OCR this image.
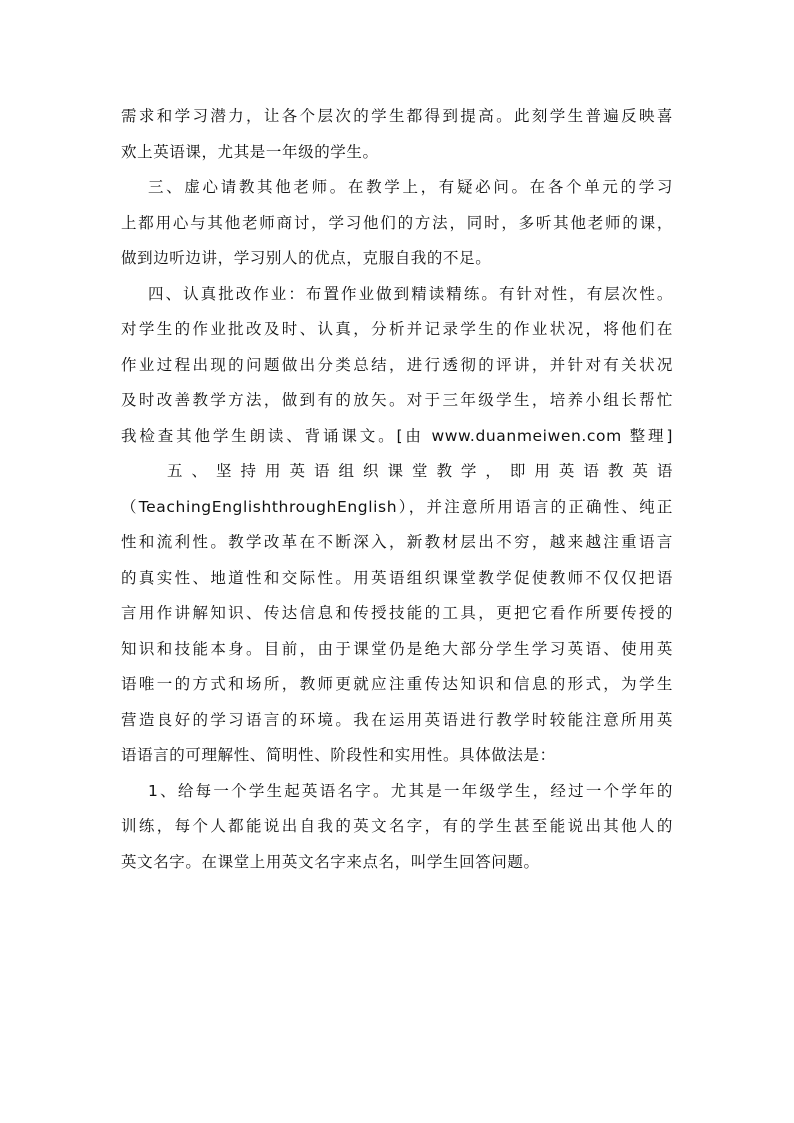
需求和学习潜力，让各个层次的学生都得到提高。此刻学生普遍反映喜
欢上英语课，尤其是一年级的学生。
三、虚心请教其他老师。在教学上，有疑必问。在各个单元的学习
上都用心与其他老师商讨，学习他们的方法，同时，多听其他老师的课，
做到边听边讲，学习别人的优点，克服自我的不足。
四、认真批改作业：布置作业做到精读精练。有针对性，有层次性。
对学生的作业批改及时、认真，分析并记录学生的作业状况，将他们在
作业过程出现的问题做出分类总结，进行透彻的评讲，并针对有关状况
及时改善教学方法，做到有的放矢。对于三年级学生，培养小组长帮忙
我检查其他学生朗读、背诵课文。[由 www.duanmeiwen.com 整理]
五、坚持用英语组织课堂教学，即用英语教英语
（TeachingEnglishthroughEnglish），并注意所用语言的正确性、纯正
性和流利性。教学改革在不断深入，新教材层出不穷，越来越注重语言
的真实性、地道性和交际性。用英语组织课堂教学促使教师不仅仅把语
言用作讲解知识、传达信息和传授技能的工具，更把它看作所要传授的
知识和技能本身。目前，由于课堂仍是绝大部分学生学习英语、使用英
语唯一的方式和场所，教师更就应注重传达知识和信息的形式，为学生
营造良好的学习语言的环境。我在运用英语进行教学时较能注意所用英
语语言的可理解性、简明性、阶段性和实用性。具体做法是：
1、给每一个学生起英语名字。尤其是一年级学生，经过一个学年的
训练，每个人都能说出自我的英文名字，有的学生甚至能说出其他人的
英文名字。在课堂上用英文名字来点名，叫学生回答问题。
